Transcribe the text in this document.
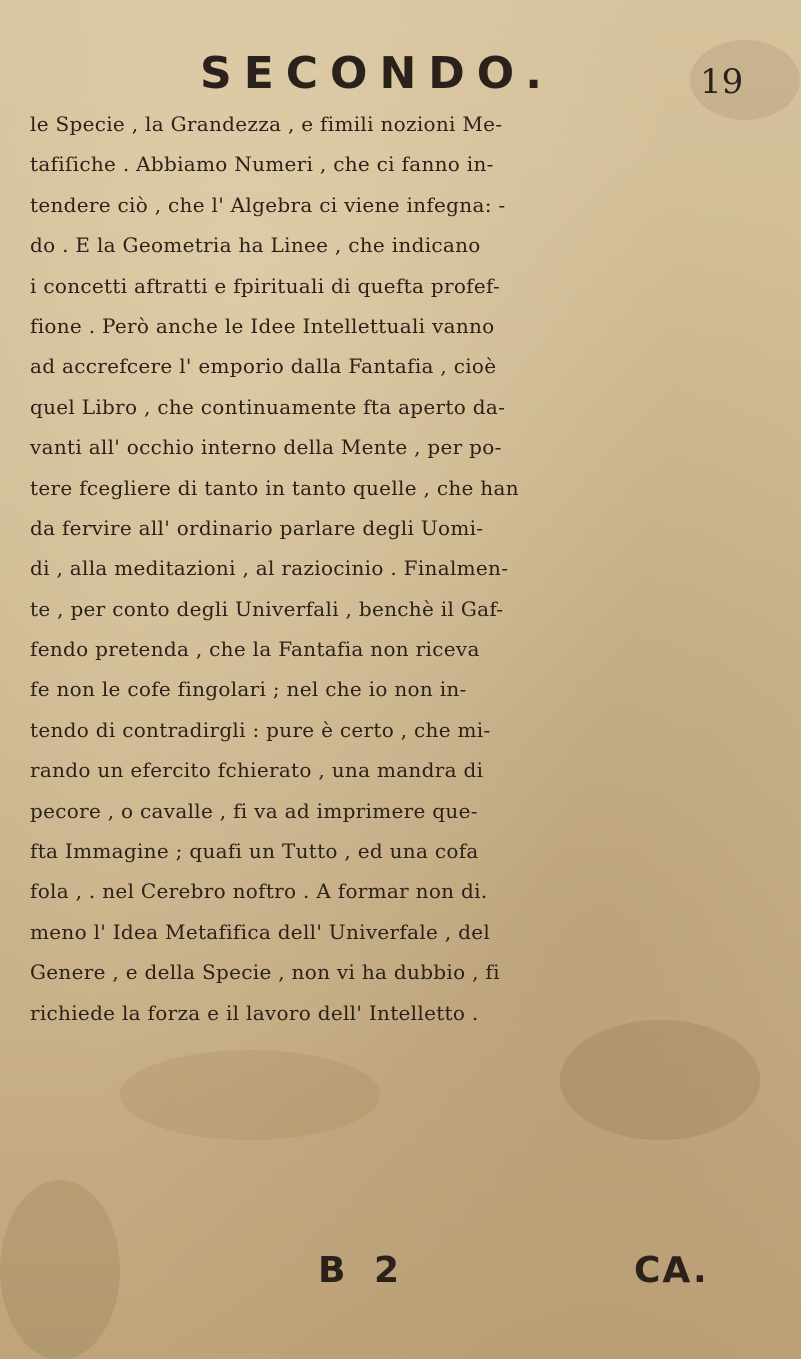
SECONDO.	19
le Specie , la Grandezza , e fimili nozioni Me-
tafiſiche . Abbiamo Numeri , che ci fanno in-
tendere ciò , che l' Algebra ci viene infegna: -
do . E la Geometria ha Linee , che indicano
i concetti aftratti e fpirituali di quefta profef-
fione . Però anche le Idee Intellettuali vanno
ad accrefcere l' emporio dalla Fantafia , cioè
quel Libro , che continuamente fta aperto da-
vanti all' occhio interno della Mente , per po-
tere fcegliere di tanto in tanto quelle , che han
da fervire all' ordinario parlare degli Uomi-
di , alla meditazioni , al raziocinio . Finalmen-
te , per conto degli Univerfali , benchè il Gaf-
fendo pretenda , che la Fantafia non riceva
fe non le cofe fingolari ; nel che io non in-
tendo di contradirgli : pure è certo , che mi-
rando un efercito fchierato , una mandra di
pecore , o cavalle , fi va ad imprimere que-
fta Immagine ; quafi un Tutto , ed una cofa
fola , . nel Cerebro noftro . A formar non di.
meno l' Idea Metafifica dell' Univerfale , del
Genere , e della Specie , non vi ha dubbio , fi
richiede la forza e il lavoro dell' Intelletto .
B 2	CA.
